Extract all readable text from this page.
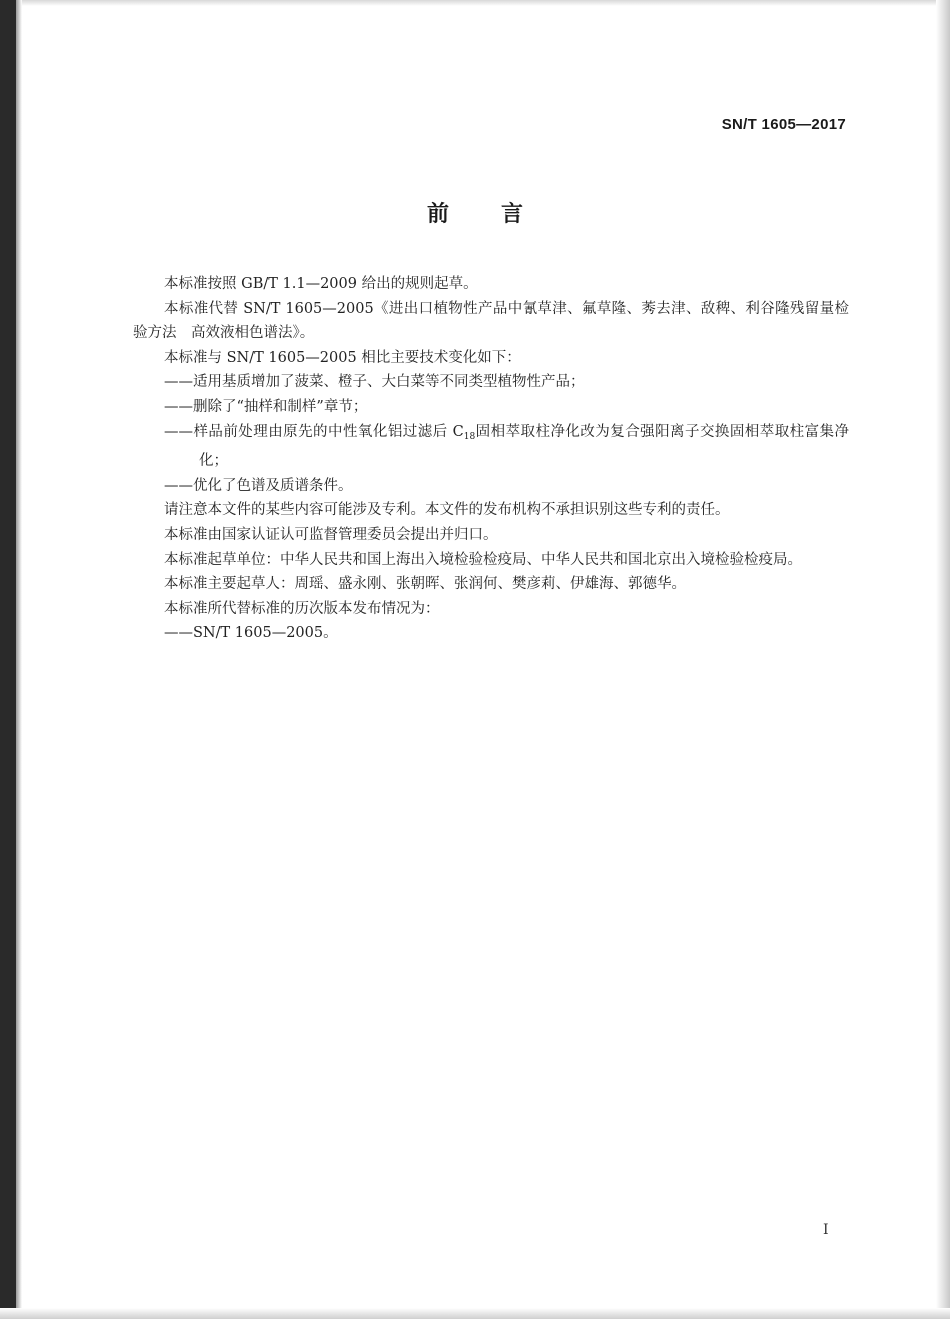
SN/T 1605—2017
前言

本标准按照 GB/T 1.1—2009 给出的规则起草。

本标准代替 SN/T 1605—2005《进出口植物性产品中氰草津、氟草隆、莠去津、敌稗、利谷隆残留量检验方法　高效液相色谱法》。

本标准与 SN/T 1605—2005 相比主要技术变化如下：

——适用基质增加了菠菜、橙子、大白菜等不同类型植物性产品；

——删除了“抽样和制样”章节；

——样品前处理由原先的中性氧化铝过滤后 $C_{18}$固相萃取柱净化改为复合强阳离子交换固相萃取柱富集净化；

——优化了色谱及质谱条件。

请注意本文件的某些内容可能涉及专利。本文件的发布机构不承担识别这些专利的责任。

本标准由国家认证认可监督管理委员会提出并归口。

本标准起草单位：中华人民共和国上海出入境检验检疫局、中华人民共和国北京出入境检验检疫局。

本标准主要起草人：周瑶、盛永刚、张朝晖、张润何、樊彦莉、伊雄海、郭德华。

本标准所代替标准的历次版本发布情况为：

——SN/T 1605—2005。

I
